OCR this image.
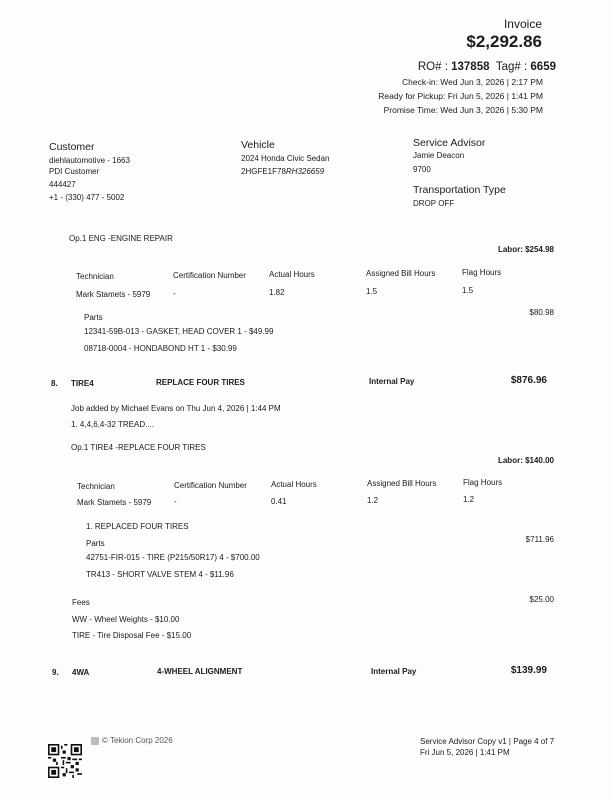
Invoice
$2,292.86
RO# : 137858 Tag# : 6659
Check-in: Wed Jun 3, 2026 | 2:17 PM
Ready for Pickup: Fri Jun 5, 2026 | 1:41 PM
Promise Time: Wed Jun 3, 2026 | 5:30 PM
Customer
diehlautomotive - 1663
PDI Customer
444427
+1 - (330) 477 - 5002
Vehicle
2024 Honda Civic Sedan
2HGFE1F78RH326659
Service Advisor
Jamie Deacon
9700
Transportation Type
DROP OFF
Op.1 ENG -ENGINE REPAIR
Labor: $254.98
Technician	Certification Number	Actual Hours	Assigned Bill Hours	Flag Hours
Mark Stamets - 5979	-	1.82	1.5	1.5
$80.98
Parts
12341-59B-013 - GASKET, HEAD COVER 1 - $49.99
08718-0004 - HONDABOND HT 1 - $30.99
8. TIRE4	REPLACE FOUR TIRES	Internal Pay	$876.96
Job added by Michael Evans on Thu Jun 4, 2026 | 1:44 PM
1. 4,4,6,4-32 TREAD....
Op.1 TIRE4 -REPLACE FOUR TIRES
Labor: $140.00
Technician	Certification Number	Actual Hours	Assigned Bill Hours	Flag Hours
Mark Stamets - 5979	-	0.41	1.2	1.2
1. REPLACED FOUR TIRES
$711.96
Parts
42751-FIR-015 - TIRE (P215/50R17) 4 - $700.00
TR413 - SHORT VALVE STEM 4 - $11.96
$25.00
Fees
WW - Wheel Weights - $10.00
TIRE - Tire Disposal Fee - $15.00
9. 4WA	4-WHEEL ALIGNMENT	Internal Pay	$139.99
© Tekion Corp 2026	Service Advisor Copy v1 | Page 4 of 7
Fri Jun 5, 2026 | 1:41 PM
